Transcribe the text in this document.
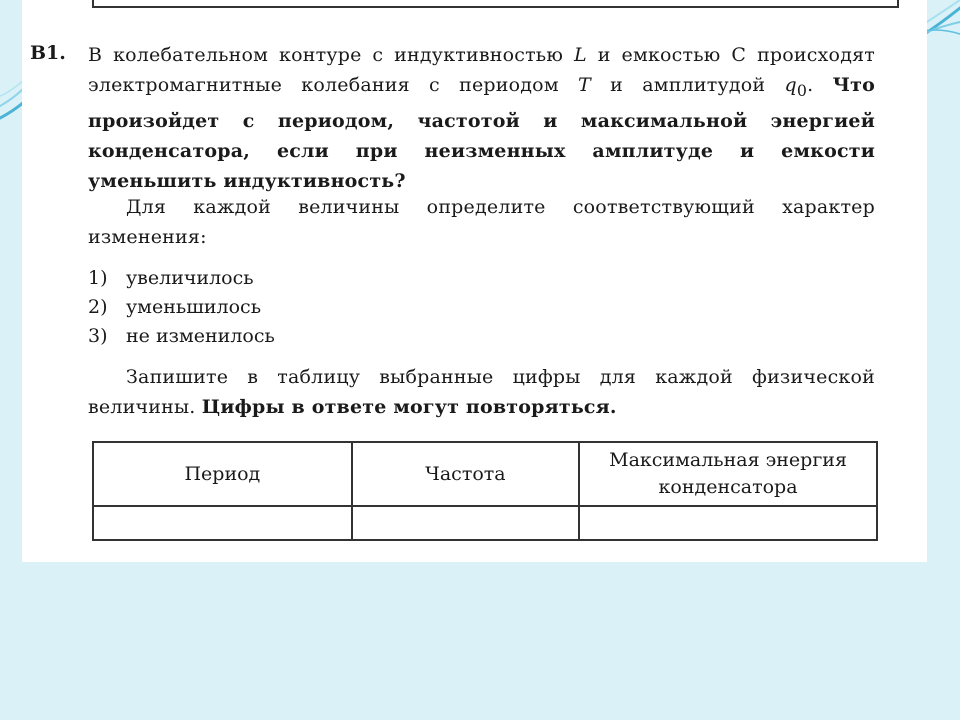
В1. В колебательном контуре с индуктивностью L и емкостью С происходят электромагнитные колебания с периодом T и амплитудой $q_0$. Что произойдет с периодом, частотой и максимальной энергией конденсатора, если при неизменных амплитуде и емкости уменьшить индуктивность?
Для каждой величины определите соответствующий характер изменения:
1) увеличилось
2) уменьшилось
3) не изменилось
Запишите в таблицу выбранные цифры для каждой физической величины. Цифры в ответе могут повторяться.
Период	Частота	Максимальная энергия конденсатора
